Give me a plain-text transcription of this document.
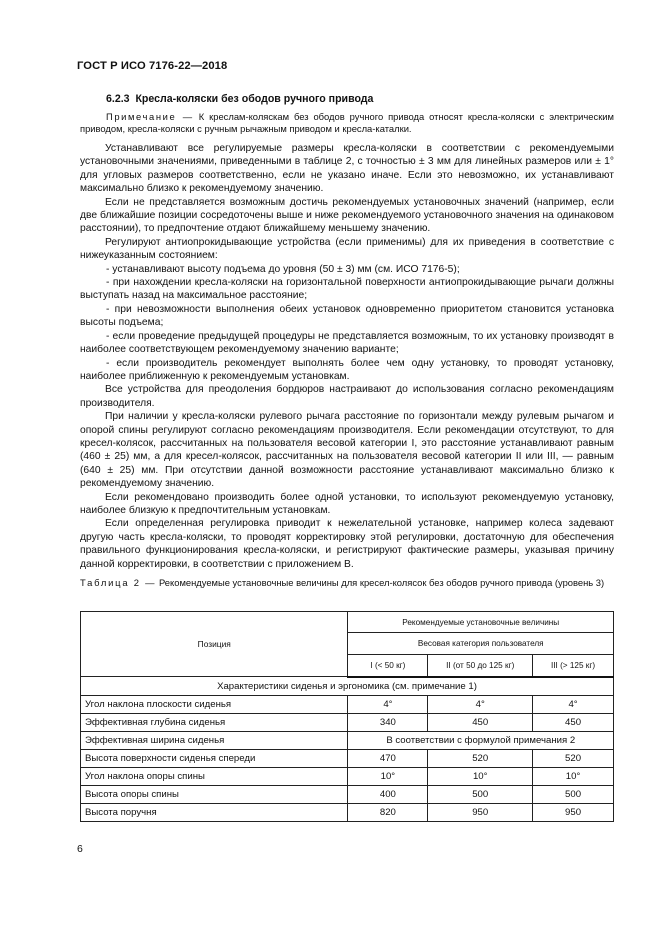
ГОСТ Р ИСО 7176-22—2018
6.2.3 Кресла-коляски без ободов ручного привода
Примечание — К креслам-коляскам без ободов ручного привода относят кресла-коляски с электрическим приводом, кресла-коляски с ручным рычажным приводом и кресла-каталки.

Устанавливают все регулируемые размеры кресла-коляски в соответствии с рекомендуемыми установочными значениями, приведенными в таблице 2, с точностью ± 3 мм для линейных размеров или ± 1° для угловых размеров соответственно, если не указано иначе. Если это невозможно, их устанавливают максимально близко к рекомендуемому значению.

Если не представляется возможным достичь рекомендуемых установочных значений (например, если две ближайшие позиции сосредоточены выше и ниже рекомендуемого установочного значения на одинаковом расстоянии), то предпочтение отдают ближайшему меньшему значению.

Регулируют антиопрокидывающие устройства (если применимы) для их приведения в соответствие с нижеуказанным состоянием:

- устанавливают высоту подъема до уровня (50 ± 3) мм (см. ИСО 7176-5);

- при нахождении кресла-коляски на горизонтальной поверхности антиопрокидывающие рычаги должны выступать назад на максимальное расстояние;

- при невозможности выполнения обеих установок одновременно приоритетом становится установка высоты подъема;

- если проведение предыдущей процедуры не представляется возможным, то их установку производят в наиболее соответствующем рекомендуемому значению варианте;

- если производитель рекомендует выполнять более чем одну установку, то проводят установку, наиболее приближенную к рекомендуемым установкам.

Все устройства для преодоления бордюров настраивают до использования согласно рекомендациям производителя.

При наличии у кресла-коляски рулевого рычага расстояние по горизонтали между рулевым рычагом и опорой спины регулируют согласно рекомендациям производителя. Если рекомендации отсутствуют, то для кресел-колясок, рассчитанных на пользователя весовой категории I, это расстояние устанавливают равным (460 ± 25) мм, а для кресел-колясок, рассчитанных на пользователя весовой категории II или III, — равным (640 ± 25) мм. При отсутствии данной возможности расстояние устанавливают максимально близко к рекомендуемому значению.

Если рекомендовано производить более одной установки, то используют рекомендуемую установку, наиболее близкую к предпочтительным установкам.

Если определенная регулировка приводит к нежелательной установке, например колеса задевают другую часть кресла-коляски, то проводят корректировку этой регулировки, достаточную для обеспечения правильного функционирования кресла-коляски, и регистрируют фактические размеры, указывая причину данной корректировки, в соответствии с приложением В.

Таблица 2 — Рекомендуемые установочные величины для кресел-колясок без ободов ручного привода (уровень 3)
Позиция	Рекомендуемые установочные величины		
	Весовая категория пользователя		
	I (< 50 кг)	II (от 50 до 125 кг)	III (> 125 кг)
Характеристики сиденья и эргономика (см. примечание 1)			
Угол наклона плоскости сиденья	4°	4°	4°
Эффективная глубина сиденья	340	450	450
Эффективная ширина сиденья	В соответствии с формулой примечания 2		
Высота поверхности сиденья спереди	470	520	520
Угол наклона опоры спины	10°	10°	10°
Высота опоры спины	400	500	500
Высота поручня	820	950	950
6
